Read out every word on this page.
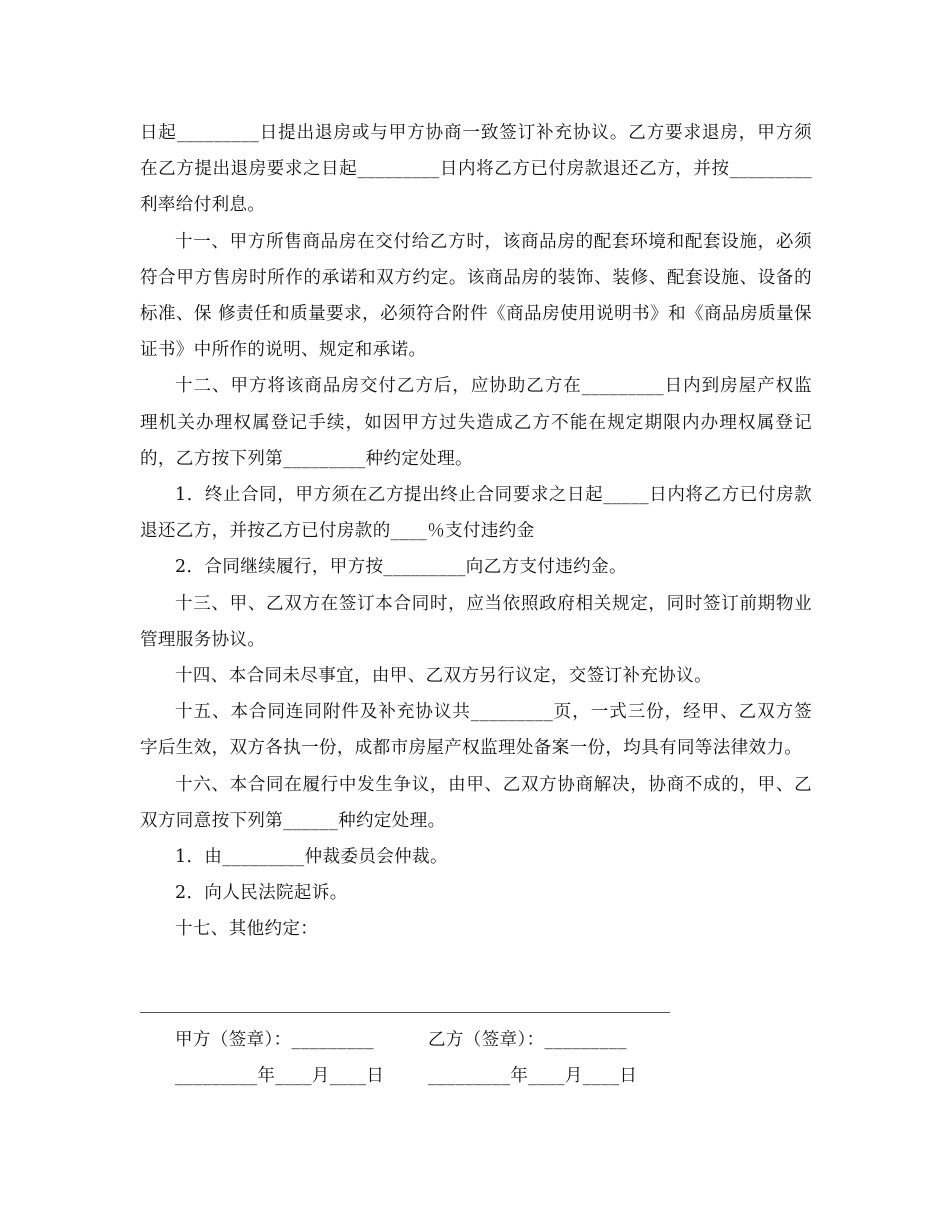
日起_________日提出退房或与甲方协商一致签订补充协议。乙方要求退房，甲方须在乙方提出退房要求之日起_________日内将乙方已付房款退还乙方，并按_________利率给付利息。

十一、甲方所售商品房在交付给乙方时，该商品房的配套环境和配套设施，必须符合甲方售房时所作的承诺和双方约定。该商品房的装饰、装修、配套设施、设备的标准、保 修责任和质量要求，必须符合附件《商品房使用说明书》和《商品房质量保证书》中所作的说明、规定和承诺。

十二、甲方将该商品房交付乙方后，应协助乙方在_________日内到房屋产权监理机关办理权属登记手续，如因甲方过失造成乙方不能在规定期限内办理权属登记的，乙方按下列第_________种约定处理。

1．终止合同，甲方须在乙方提出终止合同要求之日起_____日内将乙方已付房款退还乙方，并按乙方已付房款的____％支付违约金

2．合同继续履行，甲方按_________向乙方支付违约金。

十三、甲、乙双方在签订本合同时，应当依照政府相关规定，同时签订前期物业管理服务协议。

十四、本合同未尽事宜，由甲、乙双方另行议定，交签订补充协议。

十五、本合同连同附件及补充协议共_________页，一式三份，经甲、乙双方签字后生效，双方各执一份，成都市房屋产权监理处备案一份，均具有同等法律效力。

十六、本合同在履行中发生争议，由甲、乙双方协商解决，协商不成的，甲、乙双方同意按下列第______种约定处理。

1．由_________仲裁委员会仲裁。

2．向人民法院起诉。

十七、其他约定：

甲方（签章）：_________	乙方（签章）：_________
_________年____月____日	_________年____月____日
